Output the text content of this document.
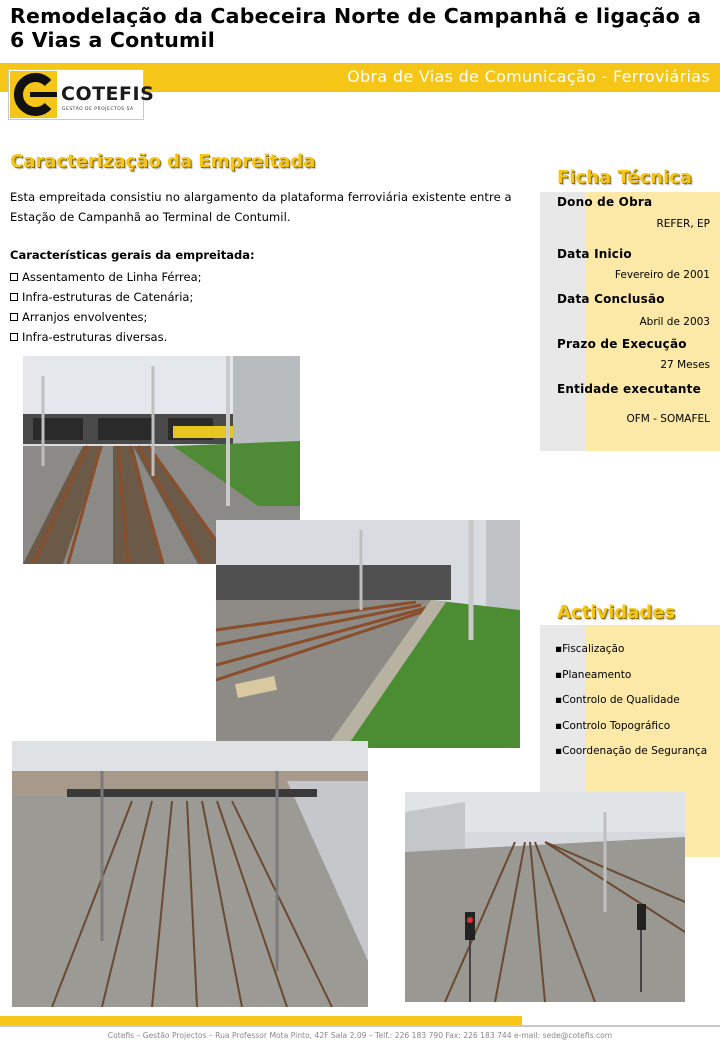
Remodelação da Cabeceira Norte de Campanhã e ligação a 6 Vias a Contumil
Obra de Vias de Comunicação - Ferroviárias
COTEFIS
GESTÃO DE PROJECTOS SA
Caracterização da Empreitada
Esta empreitada consistiu no alargamento da plataforma ferroviária existente entre a Estação de Campanhã ao Terminal de Contumil.
Características gerais da empreitada:
Assentamento de Linha Férrea;
Infra-estruturas de Catenária;
Arranjos envolventes;
Infra-estruturas diversas.
Ficha Técnica
Dono de Obra
REFER, EP
Data Inicio
Fevereiro de 2001
Data Conclusão
Abril de 2003
Prazo de Execução
27 Meses
Entidade executante
OFM - SOMAFEL
Actividades
▪Fiscalização
▪Planeamento
▪Controlo de Qualidade
▪Controlo Topográfico
▪Coordenação de Segurança
Cotefis – Gestão Projectos – Rua Professor Mota Pinto, 42F Sala 2.09 – Telf.: 226 183 790 Fax: 226 183 744 e-mail: sede@cotefis.com
